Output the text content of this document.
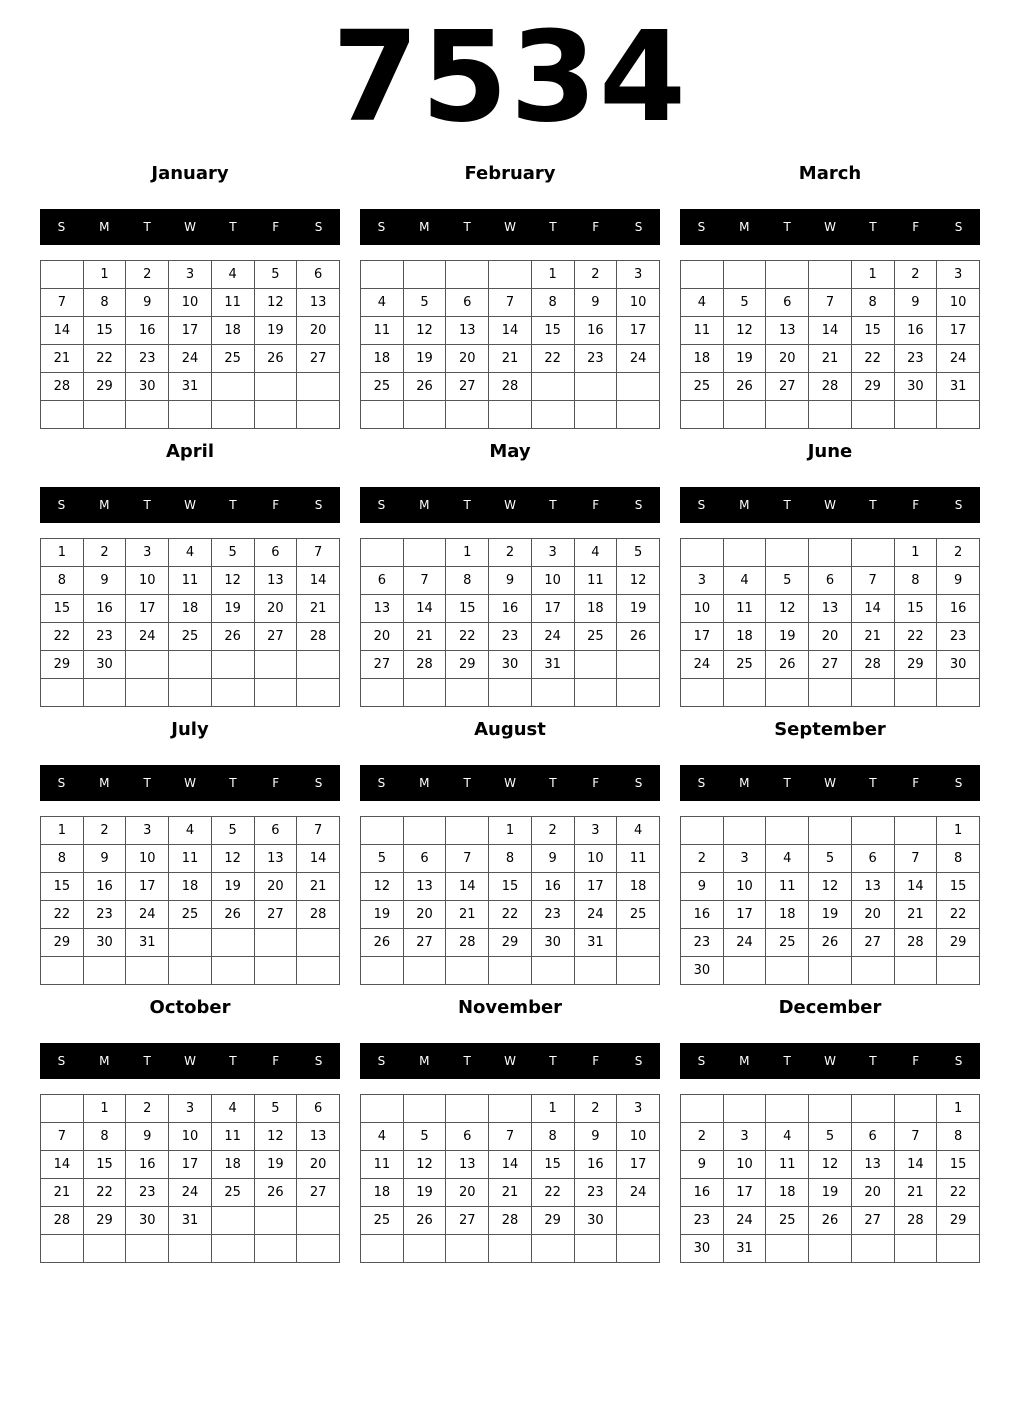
7534
January
S	M	T	W	T	F	S
	1	2	3	4	5	6
7	8	9	10	11	12	13
14	15	16	17	18	19	20
21	22	23	24	25	26	27
28	29	30	31			

February
S	M	T	W	T	F	S
				1	2	3
4	5	6	7	8	9	10
11	12	13	14	15	16	17
18	19	20	21	22	23	24
25	26	27	28			

March
S	M	T	W	T	F	S
				1	2	3
4	5	6	7	8	9	10
11	12	13	14	15	16	17
18	19	20	21	22	23	24
25	26	27	28	29	30	31

April
S	M	T	W	T	F	S
1	2	3	4	5	6	7
8	9	10	11	12	13	14
15	16	17	18	19	20	21
22	23	24	25	26	27	28
29	30					

May
S	M	T	W	T	F	S
		1	2	3	4	5
6	7	8	9	10	11	12
13	14	15	16	17	18	19
20	21	22	23	24	25	26
27	28	29	30	31		

June
S	M	T	W	T	F	S
					1	2
3	4	5	6	7	8	9
10	11	12	13	14	15	16
17	18	19	20	21	22	23
24	25	26	27	28	29	30

July
S	M	T	W	T	F	S
1	2	3	4	5	6	7
8	9	10	11	12	13	14
15	16	17	18	19	20	21
22	23	24	25	26	27	28
29	30	31				

August
S	M	T	W	T	F	S
			1	2	3	4
5	6	7	8	9	10	11
12	13	14	15	16	17	18
19	20	21	22	23	24	25
26	27	28	29	30	31	

September
S	M	T	W	T	F	S
						1
2	3	4	5	6	7	8
9	10	11	12	13	14	15
16	17	18	19	20	21	22
23	24	25	26	27	28	29
30						
October
S	M	T	W	T	F	S
	1	2	3	4	5	6
7	8	9	10	11	12	13
14	15	16	17	18	19	20
21	22	23	24	25	26	27
28	29	30	31			

November
S	M	T	W	T	F	S
				1	2	3
4	5	6	7	8	9	10
11	12	13	14	15	16	17
18	19	20	21	22	23	24
25	26	27	28	29	30	

December
S	M	T	W	T	F	S
						1
2	3	4	5	6	7	8
9	10	11	12	13	14	15
16	17	18	19	20	21	22
23	24	25	26	27	28	29
30	31					
